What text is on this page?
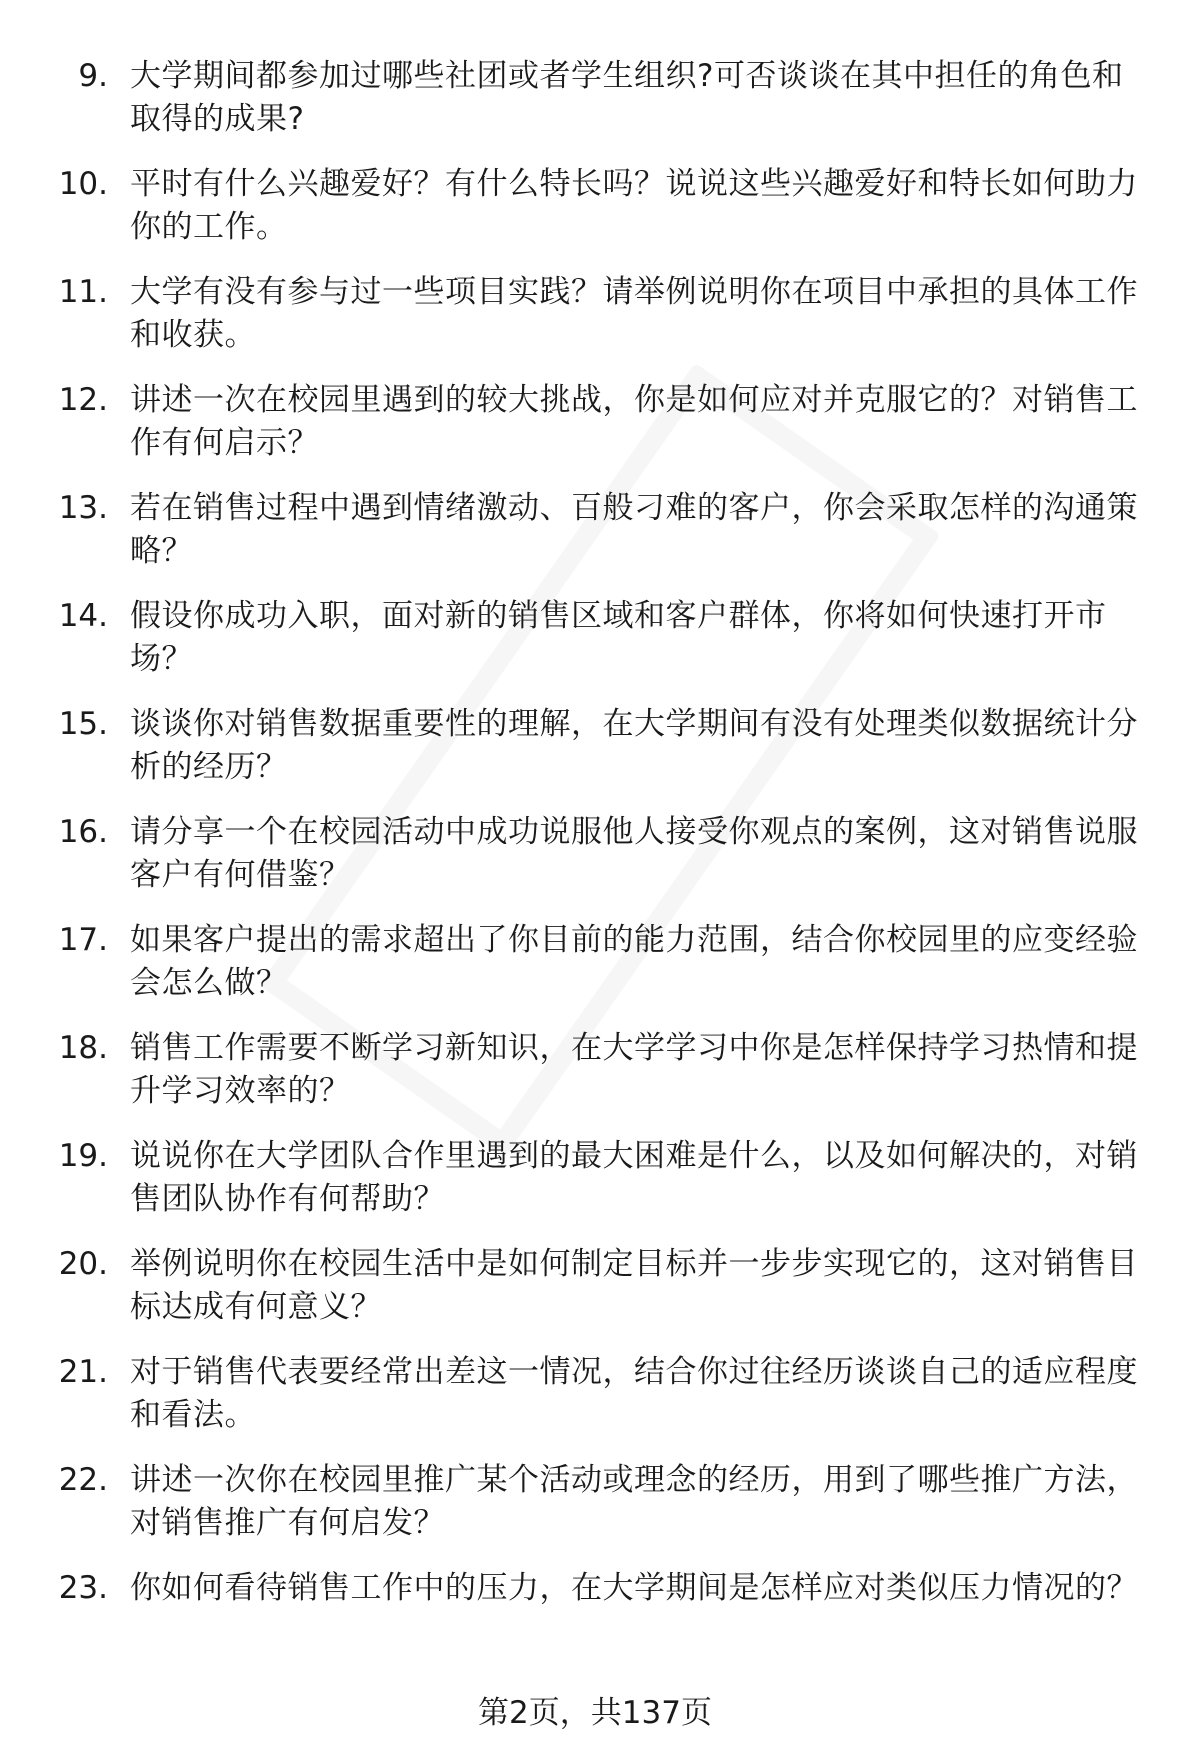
9. 大学期间都参加过哪些社团或者学生组织?可否谈谈在其中担任的角色和取得的成果?
10. 平时有什么兴趣爱好？有什么特长吗？说说这些兴趣爱好和特长如何助力你的工作。
11. 大学有没有参与过一些项目实践？请举例说明你在项目中承担的具体工作和收获。
12. 讲述一次在校园里遇到的较大挑战，你是如何应对并克服它的？对销售工作有何启示？
13. 若在销售过程中遇到情绪激动、百般刁难的客户，你会采取怎样的沟通策略？
14. 假设你成功入职，面对新的销售区域和客户群体，你将如何快速打开市场？
15. 谈谈你对销售数据重要性的理解，在大学期间有没有处理类似数据统计分析的经历？
16. 请分享一个在校园活动中成功说服他人接受你观点的案例，这对销售说服客户有何借鉴？
17. 如果客户提出的需求超出了你目前的能力范围，结合你校园里的应变经验会怎么做？
18. 销售工作需要不断学习新知识，在大学学习中你是怎样保持学习热情和提升学习效率的？
19. 说说你在大学团队合作里遇到的最大困难是什么，以及如何解决的，对销售团队协作有何帮助？
20. 举例说明你在校园生活中是如何制定目标并一步步实现它的，这对销售目标达成有何意义？
21. 对于销售代表要经常出差这一情况，结合你过往经历谈谈自己的适应程度和看法。
22. 讲述一次你在校园里推广某个活动或理念的经历，用到了哪些推广方法，对销售推广有何启发？
23. 你如何看待销售工作中的压力，在大学期间是怎样应对类似压力情况的？
第2页，共137页
